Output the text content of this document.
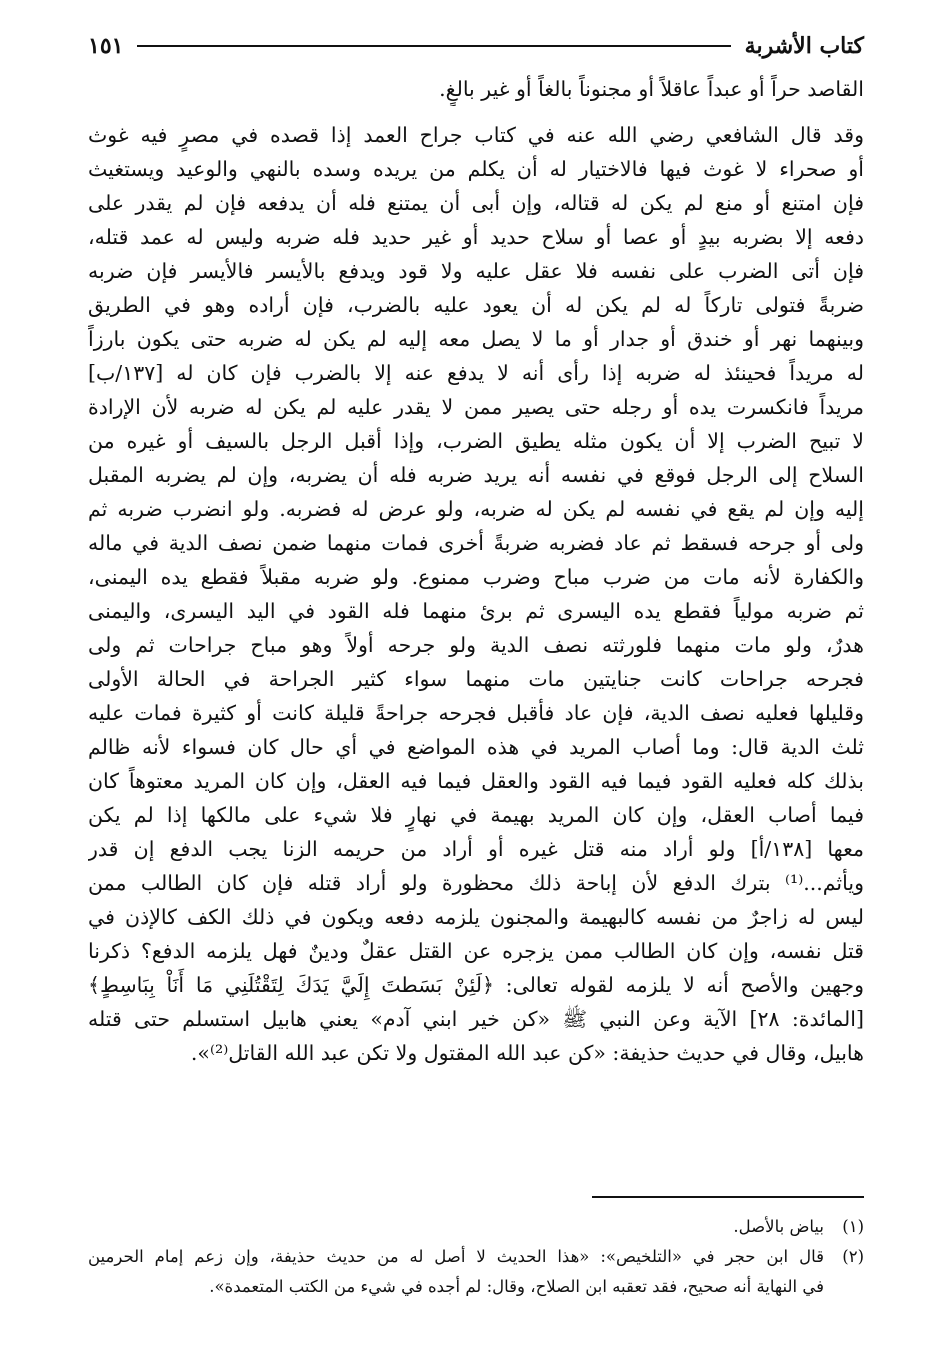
كتاب الأشربة
١٥١
القاصد حراً أو عبداً عاقلاً أو مجنوناً بالغاً أو غير بالغٍ.
وقد قال الشافعي رضي الله عنه في كتاب جراح العمد إذا قصده في مصرٍ فيه غوث
أو صحراء لا غوث فيها فالاختيار له أن يكلم من يريده وسده بالنهي والوعيد ويستغيث
فإن امتنع أو منع لم يكن له قتاله، وإن أبى أن يمتنع فله أن يدفعه فإن لم يقدر على
دفعه إلا بضربه بيدٍ أو عصا أو سلاح حديد أو غير حديد فله ضربه وليس له عمد قتله،
فإن أتى الضرب على نفسه فلا عقل عليه ولا قود ويدفع بالأيسر فالأيسر فإن ضربه
ضربةً فتولى تاركاً له لم يكن له أن يعود عليه بالضرب، فإن أراده وهو في الطريق
وبينهما نهر أو خندق أو جدار أو ما لا يصل معه إليه لم يكن له ضربه حتى يكون بارزاً
له مريداً فحينئذ له ضربه إذا رأى أنه لا يدفع عنه إلا بالضرب فإن كان له [١٣٧/ب]
مريداً فانكسرت يده أو رجله حتى يصير ممن لا يقدر عليه لم يكن له ضربه لأن الإرادة
لا تبيح الضرب إلا أن يكون مثله يطيق الضرب، وإذا أقبل الرجل بالسيف أو غيره من
السلاح إلى الرجل فوقع في نفسه أنه يريد ضربه فله أن يضربه، وإن لم يضربه المقبل
إليه وإن لم يقع في نفسه لم يكن له ضربه، ولو عرض له فضربه. ولو انضرب ضربه ثم
ولى أو جرحه فسقط ثم عاد فضربه ضربةً أخرى فمات منهما ضمن نصف الدية في ماله
والكفارة لأنه مات من ضرب مباح وضرب ممنوع. ولو ضربه مقبلاً فقطع يده اليمنى،
ثم ضربه مولياً فقطع يده اليسرى ثم برئ منهما فله القود في اليد اليسرى، واليمنى
هدرٌ، ولو مات منهما فلورثته نصف الدية ولو جرحه أولاً وهو مباح جراحات ثم ولى
فجرحه جراحات كانت جنايتين مات منهما سواء كثير الجراحة في الحالة الأولى
وقليلها فعليه نصف الدية، فإن عاد فأقبل فجرحه جراحةً قليلة كانت أو كثيرة فمات عليه
ثلث الدية قال: وما أصاب المريد في هذه المواضع في أي حال كان فسواء لأنه ظالم
بذلك كله فعليه القود فيما فيه القود والعقل فيما فيه العقل، وإن كان المريد معتوهاً كان
فيما أصاب العقل، وإن كان المريد بهيمة في نهارٍ فلا شيء على مالكها إذا لم يكن
معها [١٣٨/أ] ولو أراد منه قتل غيره أو أراد من حريمه الزنا يجب الدفع إن قدر
ويأثم...⁽¹⁾ بترك الدفع لأن إباحة ذلك محظورة ولو أراد قتله فإن كان الطالب ممن
ليس له زاجرٌ من نفسه كالبهيمة والمجنون يلزمه دفعه ويكون في ذلك الكف كالإذن في
قتل نفسه، وإن كان الطالب ممن يزجره عن القتل عقلٌ ودينٌ فهل يلزمه الدفع؟ ذكرنا
وجهين والأصح أنه لا يلزمه لقوله تعالى: ﴿لَئِنْ بَسَطتَ إِلَيَّ يَدَكَ لِتَقْتُلَنِي مَا أَنَاْ بِبَاسِطٍ﴾
[المائدة: ٢٨] الآية وعن النبي ﷺ «كن خير ابني آدم» يعني هابيل استسلم حتى قتله
هابيل، وقال في حديث حذيفة: «كن عبد الله المقتول ولا تكن عبد الله القاتل⁽²⁾».
(١)
بياض بالأصل.
(٢)
قال ابن حجر في «التلخيص»: «هذا الحديث لا أصل له من حديث حذيفة، وإن زعم إمام الحرمين
في النهاية أنه صحيح، فقد تعقبه ابن الصلاح، وقال: لم أجده في شيء من الكتب المتعمدة».
